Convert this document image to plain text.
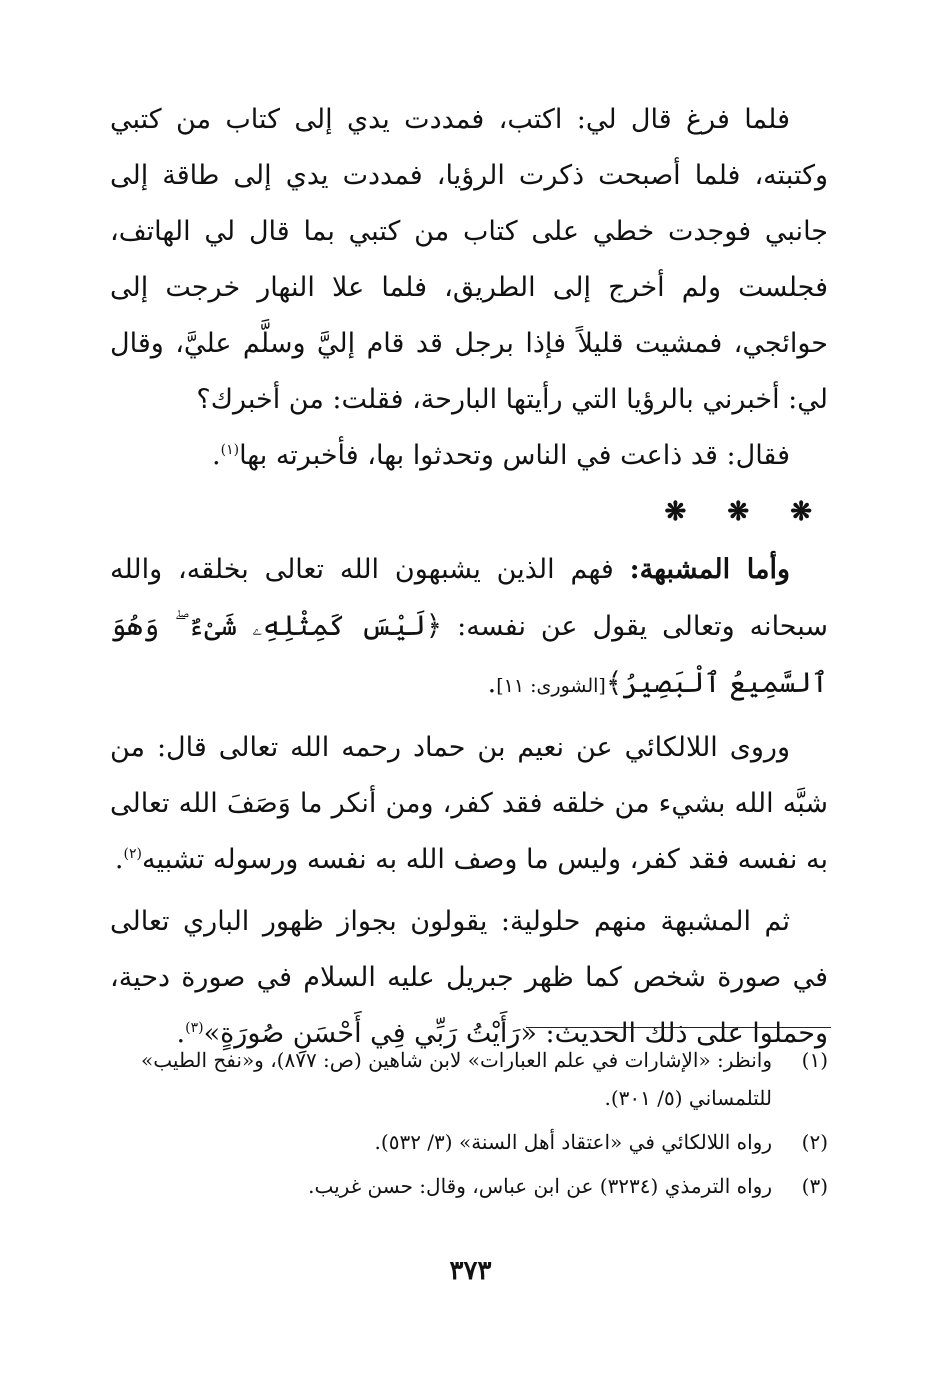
فلما فرغ قال لي: اكتب، فمددت يدي إلى كتاب من كتبي وكتبته، فلما أصبحت ذكرت الرؤيا، فمددت يدي إلى طاقة إلى جانبي فوجدت خطي على كتاب من كتبي بما قال لي الهاتف، فجلست ولم أخرج إلى الطريق، فلما علا النهار خرجت إلى حوائجي، فمشيت قليلاً فإذا برجل قد قام إليَّ وسلَّم عليَّ، وقال لي: أخبرني بالرؤيا التي رأيتها البارحة، فقلت: من أخبرك؟

فقال: قد ذاعت في الناس وتحدثوا بها، فأخبرته بها$^{(١)}$.

❋ ❋ ❋

وأما المشبهة: فهم الذين يشبهون الله تعالى بخلقه، والله سبحانه وتعالى يقول عن نفسه: ﴿لَيْسَ كَمِثْلِهِۦ شَىْءٌ ۖ وَهُوَ ٱلسَّمِيعُ ٱلْبَصِيرُ﴾[الشورى: ١١].

وروى اللالكائي عن نعيم بن حماد رحمه الله تعالى قال: من شبَّه الله بشيء من خلقه فقد كفر، ومن أنكر ما وَصَفَ الله تعالى به نفسه فقد كفر، وليس ما وصف الله به نفسه ورسوله تشبيه$^{(٢)}$.

ثم المشبهة منهم حلولية: يقولون بجواز ظهور الباري تعالى في صورة شخص كما ظهر جبريل عليه السلام في صورة دحية، وحملوا على ذلك الحديث: «رَأَيْتُ رَبِّي فِي أَحْسَنِ صُورَةٍ»$^{(٣)}$.

(١)
وانظر: «الإشارات في علم العبارات» لابن شاهين (ص: ٨٧٧)، و«نفح الطيب» للتلمساني (٥/ ٣٠١).
(٢)
رواه اللالكائي في «اعتقاد أهل السنة» (٣/ ٥٣٢).
(٣)
رواه الترمذي (٣٢٣٤) عن ابن عباس، وقال: حسن غريب.
٣٧٣
